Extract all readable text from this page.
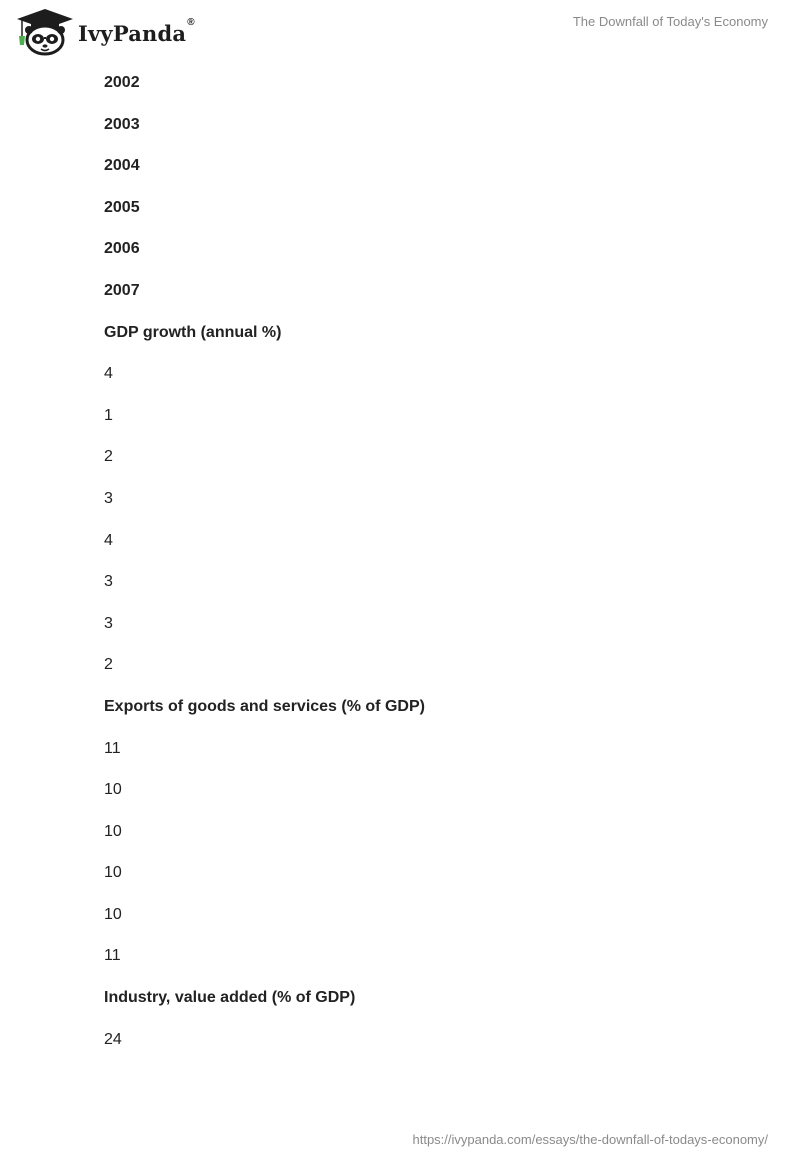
IvyPanda®	The Downfall of Today's Economy
2002
2003
2004
2005
2006
2007
GDP growth (annual %)
4
1
2
3
4
3
3
2
Exports of goods and services (% of GDP)
11
10
10
10
10
11
Industry, value added (% of GDP)
24
https://ivypanda.com/essays/the-downfall-of-todays-economy/
